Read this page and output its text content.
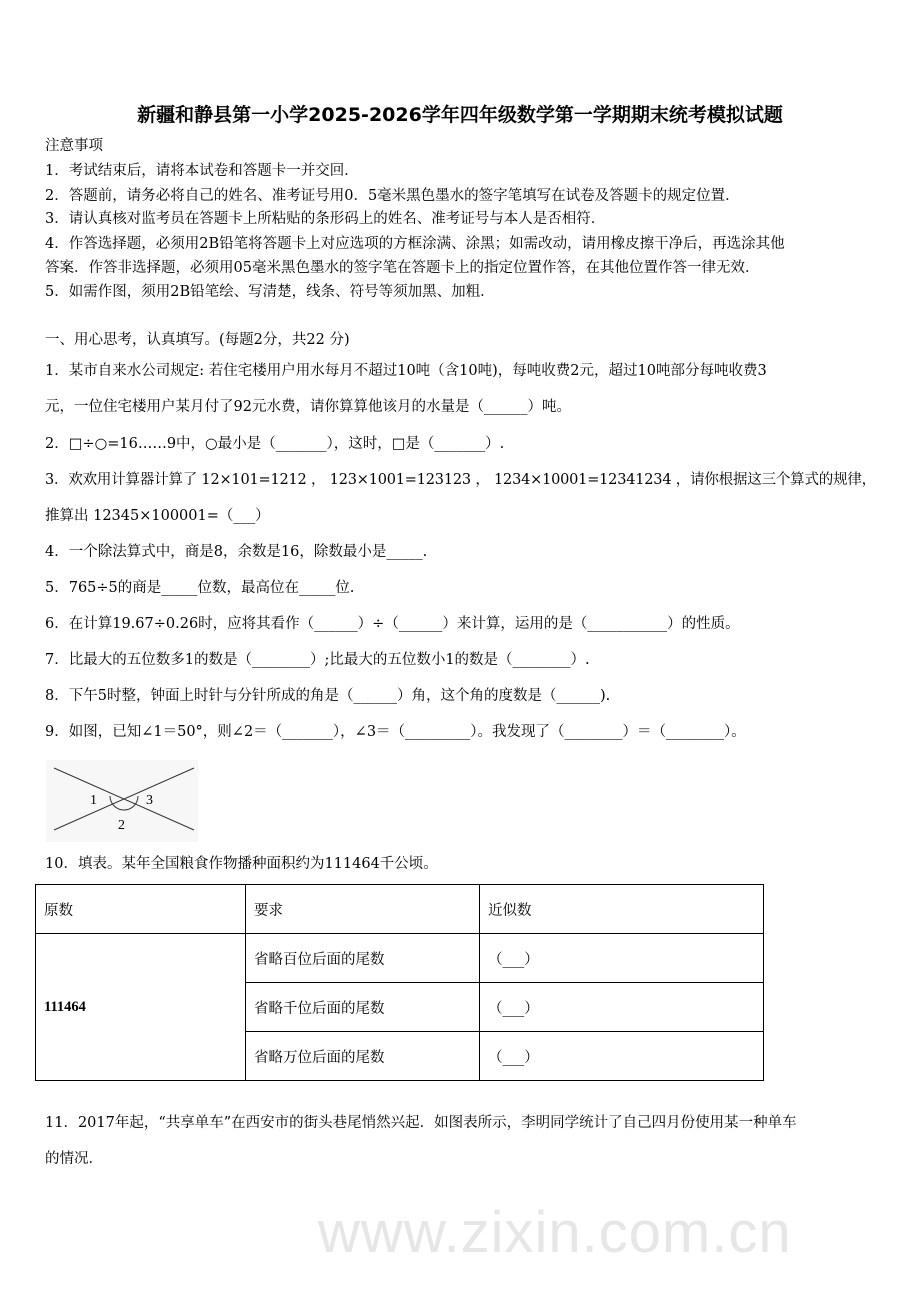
www.zixin.com.cn
新疆和静县第一小学2025-2026学年四年级数学第一学期期末统考模拟试题
注意事项
1．考试结束后，请将本试卷和答题卡一并交回．
2．答题前，请务必将自己的姓名、准考证号用0．5毫米黑色墨水的签字笔填写在试卷及答题卡的规定位置．
3．请认真核对监考员在答题卡上所粘贴的条形码上的姓名、准考证号与本人是否相符．
4．作答选择题，必须用2B铅笔将答题卡上对应选项的方框涂满、涂黑；如需改动，请用橡皮擦干净后，再选涂其他
答案．作答非选择题，必须用05毫米黑色墨水的签字笔在答题卡上的指定位置作答，在其他位置作答一律无效．
5．如需作图，须用2B铅笔绘、写清楚，线条、符号等须加黑、加粗．
一、用心思考，认真填写。(每题2分，共22 分)
1．某市自来水公司规定: 若住宅楼用户用水每月不超过10吨（含10吨)，每吨收费2元，超过10吨部分每吨收费3
元，一位住宅楼用户某月付了92元水费，请你算算他该月的水量是（______）吨。
2．□÷○=16……9中，○最小是（_______），这时，□是（_______）.
3．欢欢用计算器计算了 12×101=1212 ， 123×1001=123123 ， 1234×10001=12341234 ，请你根据这三个算式的规律，
推算出 12345×100001=（___）
4．一个除法算式中，商是8，余数是16，除数最小是_____.
5．765÷5的商是_____位数，最高位在_____位.
6．在计算19.67÷0.26时，应将其看作（______）÷（______）来计算，运用的是（___________）的性质。
7．比最大的五位数多1的数是（________）;比最大的五位数小1的数是（________）.
8．下午5时整，钟面上时针与分针所成的角是（______）角，这个角的度数是（______).
9．如图，已知∠1＝50°，则∠2＝（_______），∠3＝（_________）。我发现了（________）＝（________）。
1
2
3
10．填表。某年全国粮食作物播种面积约为111464千公顷。
原数	要求	近似数
111464	省略百位后面的尾数	（___）
	省略千位后面的尾数	（___）
	省略万位后面的尾数	（___）
11．2017年起，“共享单车”在西安市的街头巷尾悄然兴起．如图表所示，李明同学统计了自己四月份使用某一种单车
的情况．
